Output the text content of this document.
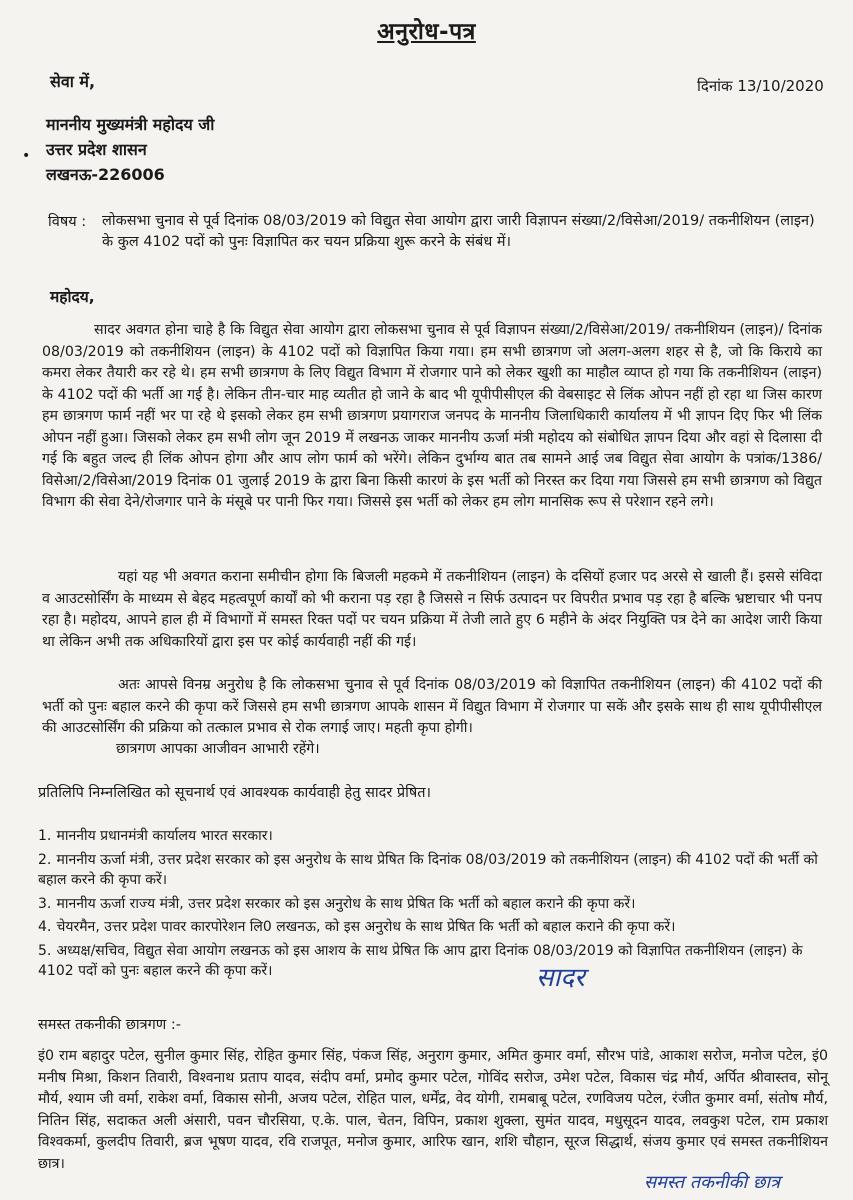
अनुरोध-पत्र
सेवा में,	दिनांक 13/10/2020
माननीय मुख्यमंत्री महोदय जी
• उत्तर प्रदेश शासन
लखनऊ-226006
विषय : लोकसभा चुनाव से पूर्व दिनांक 08/03/2019 को विद्युत सेवा आयोग द्वारा जारी विज्ञापन संख्या/2/विसेआ/2019/ तकनीशियन (लाइन) के कुल 4102 पदों को पुनः विज्ञापित कर चयन प्रक्रिया शुरू करने के संबंध में।
महोदय,
सादर अवगत होना चाहे है कि विद्युत सेवा आयोग द्वारा लोकसभा चुनाव से पूर्व विज्ञापन संख्या/2/विसेआ/2019/ तकनीशियन (लाइन)/ दिनांक 08/03/2019 को तकनीशियन (लाइन) के 4102 पदों को विज्ञापित किया गया। हम सभी छात्रगण जो अलग-अलग शहर से है, जो कि किराये का कमरा लेकर तैयारी कर रहे थे। हम सभी छात्रगण के लिए विद्युत विभाग में रोजगार पाने को लेकर खुशी का माहौल व्याप्त हो गया कि तकनीशियन (लाइन) के 4102 पदों की भर्ती आ गई है। लेकिन तीन-चार माह व्यतीत हो जाने के बाद भी यूपीपीसीएल की वेबसाइट से लिंक ओपन नहीं हो रहा था जिस कारण हम छात्रगण फार्म नहीं भर पा रहे थे इसको लेकर हम सभी छात्रगण प्रयागराज जनपद के माननीय जिलाधिकारी कार्यालय में भी ज्ञापन दिए फिर भी लिंक ओपन नहीं हुआ। जिसको लेकर हम सभी लोग जून 2019 में लखनऊ जाकर माननीय ऊर्जा मंत्री महोदय को संबोधित ज्ञापन दिया और वहां से दिलासा दी गई कि बहुत जल्द ही लिंक ओपन होगा और आप लोग फार्म को भरेंगे। लेकिन दुर्भाग्य बात तब सामने आई जब विद्युत सेवा आयोग के पत्रांक/1386/ विसेआ/2/विसेआ/2019 दिनांक 01 जुलाई 2019 के द्वारा बिना किसी कारणं के इस भर्ती को निरस्त कर दिया गया जिससे हम सभी छात्रगण को विद्युत विभाग की सेवा देने/रोजगार पाने के मंसूबे पर पानी फिर गया। जिससे इस भर्ती को लेकर हम लोग मानसिक रूप से परेशान रहने लगे।
यहां यह भी अवगत कराना समीचीन होगा कि बिजली महकमे में तकनीशियन (लाइन) के दसियों हजार पद अरसे से खाली हैं। इससे संविदा व आउटसोर्सिंग के माध्यम से बेहद महत्वपूर्ण कार्यों को भी कराना पड़ रहा है जिससे न सिर्फ उत्पादन पर विपरीत प्रभाव पड़ रहा है बल्कि भ्रष्टाचार भी पनप रहा है। महोदय, आपने हाल ही में विभागों में समस्त रिक्त पदों पर चयन प्रक्रिया में तेजी लाते हुए 6 महीने के अंदर नियुक्ति पत्र देने का आदेश जारी किया था लेकिन अभी तक अधिकारियों द्वारा इस पर कोई कार्यवाही नहीं की गई।
अतः आपसे विनम्र अनुरोध है कि लोकसभा चुनाव से पूर्व दिनांक 08/03/2019 को विज्ञापित तकनीशियन (लाइन) की 4102 पदों की भर्ती को पुनः बहाल करने की कृपा करें जिससे हम सभी छात्रगण आपके शासन में विद्युत विभाग में रोजगार पा सकें और इसके साथ ही साथ यूपीपीसीएल की आउटसोर्सिंग की प्रक्रिया को तत्काल प्रभाव से रोक लगाई जाए। महती कृपा होगी।
छात्रगण आपका आजीवन आभारी रहेंगे।
प्रतिलिपि निम्नलिखित को सूचनार्थ एवं आवश्यक कार्यवाही हेतु सादर प्रेषित।
1. माननीय प्रधानमंत्री कार्यालय भारत सरकार।
2. माननीय ऊर्जा मंत्री, उत्तर प्रदेश सरकार को इस अनुरोध के साथ प्रेषित कि दिनांक 08/03/2019 को तकनीशियन (लाइन) की 4102 पदों की भर्ती को बहाल करने की कृपा करें।
3. माननीय ऊर्जा राज्य मंत्री, उत्तर प्रदेश सरकार को इस अनुरोध के साथ प्रेषित कि भर्ती को बहाल कराने की कृपा करें।
4. चेयरमैन, उत्तर प्रदेश पावर कारपोरेशन लि0 लखनऊ, को इस अनुरोध के साथ प्रेषित कि भर्ती को बहाल कराने की कृपा करें।
5. अध्यक्ष/सचिव, विद्युत सेवा आयोग लखनऊ को इस आशय के साथ प्रेषित कि आप द्वारा दिनांक 08/03/2019 को विज्ञापित तकनीशियन (लाइन) के 4102 पदों को पुनः बहाल करने की कृपा करें।	सादर
समस्त तकनीकी छात्रगण :-
इं0 राम बहादुर पटेल, सुनील कुमार सिंह, रोहित कुमार सिंह, पंकज सिंह, अनुराग कुमार, अमित कुमार वर्मा, सौरभ पांडे, आकाश सरोज, मनोज पटेल, इं0 मनीष मिश्रा, किशन तिवारी, विश्वनाथ प्रताप यादव, संदीप वर्मा, प्रमोद कुमार पटेल, गोविंद सरोज, उमेश पटेल, विकास चंद्र मौर्य, अर्पित श्रीवास्तव, सोनू मौर्य, श्याम जी वर्मा, राकेश वर्मा, विकास सोनी, अजय पटेल, रोहित पाल, धर्मेंद्र, वेद योगी, रामबाबू पटेल, रणविजय पटेल, रंजीत कुमार वर्मा, संतोष मौर्य, नितिन सिंह, सदाकत अली अंसारी, पवन चौरसिया, ए.के. पाल, चेतन, विपिन, प्रकाश शुक्ला, सुमंत यादव, मधुसूदन यादव, लवकुश पटेल, राम प्रकाश विश्वकर्मा, कुलदीप तिवारी, ब्रज भूषण यादव, रवि राजपूत, मनोज कुमार, आरिफ खान, शशि चौहान, सूरज सिद्धार्थ, संजय कुमार एवं समस्त तकनीशियन छात्र।
समस्त तकनीकी छात्र
